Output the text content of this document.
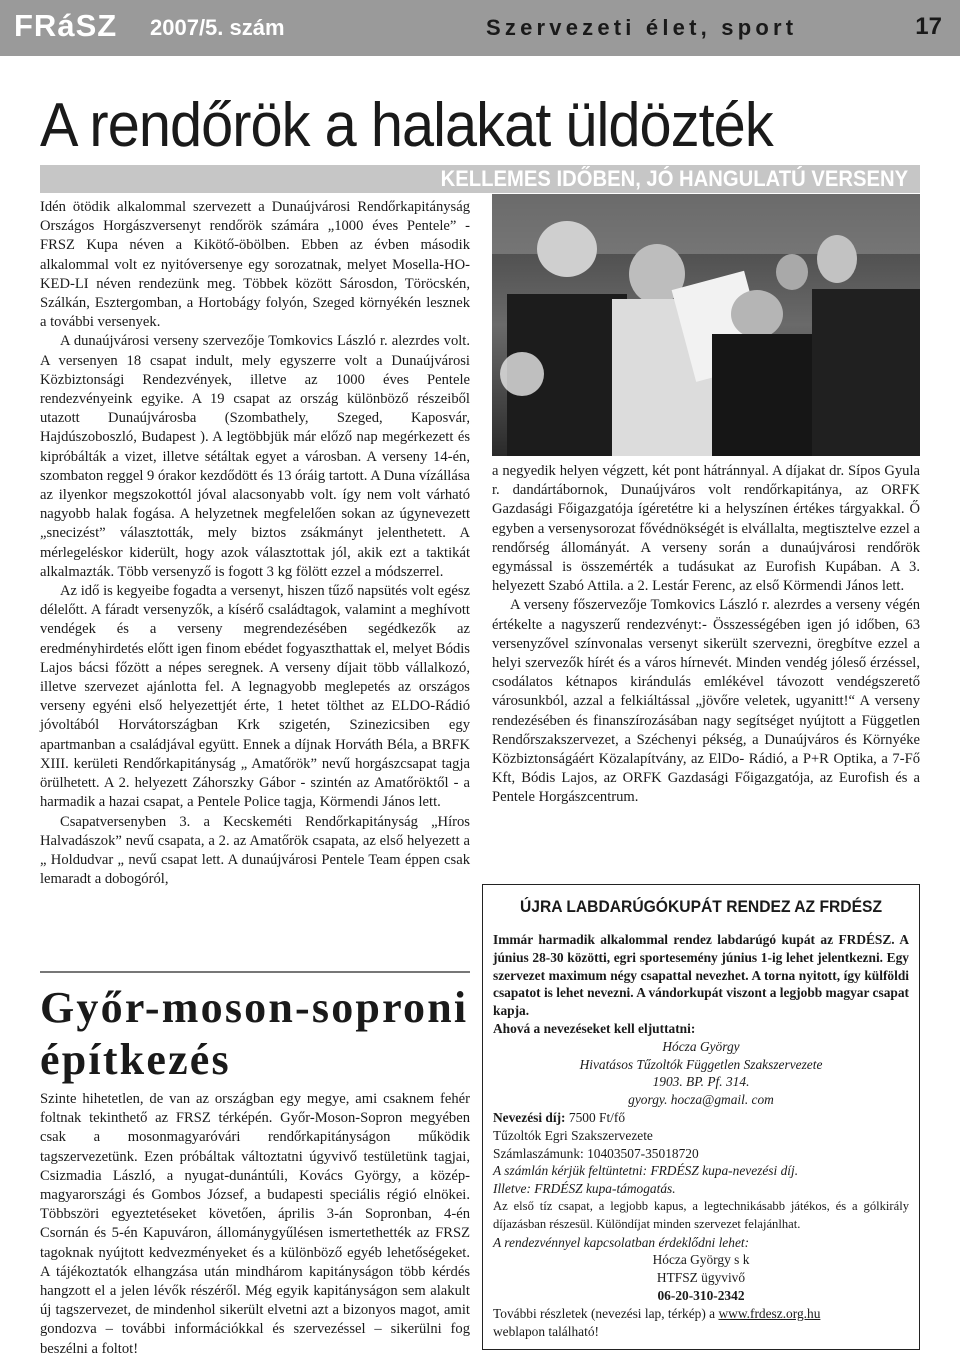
FRáSZ 2007/5. szám	Szervezeti élet, sport	17
A rendőrök a halakat üldözték
KELLEMES IDŐBEN, JÓ HANGULATÚ VERSENY

Idén ötödik alkalommal szervezett a Dunaújvárosi Rendőrkapitányság Országos Horgászversenyt rendőrök számára „1000 éves Pentele” - FRSZ Kupa néven a Kikötő-öbölben. Ebben az évben második alkalommal volt ez nyitóversenye egy sorozatnak, melyet Mosella-HO-KED-LI néven rendezünk meg. Többek között Sárosdon, Töröcskén, Szálkán, Esztergomban, a Hortobágy folyón, Szeged környékén lesznek a további versenyek.

A dunaújvárosi verseny szervezője Tomkovics László r. alezrdes volt. A versenyen 18 csapat indult, mely egyszerre volt a Dunaújvárosi Közbiztonsági Rendezvények, illetve az 1000 éves Pentele rendezvényeink egyike. A 19 csapat az ország különböző részeiből utazott Dunaújvárosba (Szombathely, Szeged, Kaposvár, Hajdúszoboszló, Budapest ). A legtöbbjük már előző nap megérkezett és kipróbálták a vizet, illetve sétáltak egyet a városban. A verseny 14-én, szombaton reggel 9 órakor kezdődött és 13 óráig tartott. A Duna vízállása az ilyenkor megszokottól jóval alacsonyabb volt. így nem volt várható nagyobb halak fogása. A helyzetnek megfelelően sokan az úgynevezett „snecizést” választották, mely biztos zsákmányt jelenthetett. A mérlegeléskor kiderült, hogy azok választottak jól, akik ezt a taktikát alkalmazták. Több versenyző is fogott 3 kg fölött ezzel a módszerrel.

Az idő is kegyeibe fogadta a versenyt, hiszen tűző napsütés volt egész délelőtt. A fáradt versenyzők, a kísérő családtagok, valamint a meghívott vendégek és a verseny megrendezésében segédkezők az eredményhirdetés előtt igen finom ebédet fogyaszthattak el, melyet Bódis Lajos bácsi főzött a népes seregnek. A verseny díjait több vállalkozó, illetve szervezet ajánlotta fel. A legnagyobb meglepetés az országos verseny egyéni első helyezettjét érte, 1 hetet tölthet az ELDO-Rádió jóvoltából Horvátországban Krk szigetén, Szinezicsiben egy apartmanban a családjával együtt. Ennek a díjnak Horváth Béla, a BRFK XIII. kerületi Rendőrkapitányság „ Amatőrök” nevű horgászcsapat tagja örülhetett. A 2. helyezett Záhorszky Gábor - szintén az Amatőröktől - a harmadik a hazai csapat, a Pentele Police tagja, Körmendi János lett.

Csapatversenyben 3. a Kecskeméti Rendőrkapitányság „Híros Halvadászok” nevű csapata, a 2. az Amatőrök csapata, az első helyezett a „ Holdudvar „ nevű csapat lett. A dunaújvárosi Pentele Team éppen csak lemaradt a dobogóról,

Győr-moson-soproni építkezés

Szinte hihetetlen, de van az országban egy megye, ami csaknem fehér foltnak tekinthető az FRSZ térképén. Győr-Moson-Sopron megyében csak a mosonmagyaróvári rendőrkapitányságon működik tagszervezetünk. Ezen próbáltak változtatni úgyvivő testületünk tagjai, Csizmadia László, a nyugat-dunántúli, Kovács György, a közép-magyarországi és Gombos József, a budapesti speciális régió elnökei. Többszöri egyeztetéseket követően, április 3-án Sopronban, 4-én Csornán és 5-én Kapuváron, állománygyűlésen ismertethették az FRSZ tagoknak nyújtott kedvezményeket és a különböző egyéb lehetőségeket. A tájékoztatók elhangzása után mindhárom kapitányságon több kérdés hangzott el a jelen lévők részéről. Még egyik kapitányságon sem alakult új tagszervezet, de mindenhol sikerült elvetni azt a bizonyos magot, amit gondozva – további információkkal és szervezéssel – sikerülni fog beszélni a foltot!

a negyedik helyen végzett, két pont hátránnyal. A díjakat dr. Sípos Gyula r. dandártábornok, Dunaújváros volt rendőrkapitánya, az ORFK Gazdasági Főigazgatója ígéretétre ki a helyszínen értékes tárgyakkal. Ő egyben a versenysorozat fővédnökségét is elvállalta, megtisztelve ezzel a rendőrség állományát. A verseny során a dunaújvárosi rendőrök egymással is összemérték a tudásukat az Eurofish Kupában. A 3. helyezett Szabó Attila. a 2. Lestár Ferenc, az első Körmendi János lett.

A verseny főszervezője Tomkovics László r. alezrdes a verseny végén értékelte a nagyszerű rendezvényt:- Összességében igen jó időben, 63 versenyzővel színvonalas versenyt sikerült szervezni, öregbítve ezzel a helyi szervezők hírét és a város hírnevét. Minden vendég jóleső érzéssel, csodálatos kétnapos kirándulás emlékével távozott vendégszerető városunkból, azzal a felkiáltással „jövőre veletek, ugyanitt!“ A verseny rendezésében és finanszírozásában nagy segítséget nyújtott a Független Rendőrszakszervezet, a Széchenyi pékség, a Dunaújváros és Környéke Közbiztonságáért Közalapítvány, az ElDo- Rádió, a P+R Optika, a 7-Fő Kft, Bódis Lajos, az ORFK Gazdasági Főigazgatója, az Eurofish és a Pentele Horgászcentrum.

ÚJRA LABDARÚGÓKUPÁT RENDEZ AZ FRDÉSZ

Immár harmadik alkalommal rendez labdarúgó kupát az FRDÉSZ. A június 28-30 közötti, egri sportesemény június 1-ig lehet jelentkezni. Egy szervezet maximum négy csapattal nevezhet. A torna nyitott, így külföldi csapatot is lehet nevezni. A vándorkupát viszont a legjobb magyar csapat kapja.

Ahová a nevezéseket kell eljuttatni:

Hócza György

Hivatásos Tűzoltók Független Szakszervezete

1903. BP. Pf. 314.

gyorgy. hocza@gmail. com

Nevezési díj: 7500 Ft/fő

Tűzoltók Egri Szakszervezete

Számlaszámunk: 10403507-35018720

A számlán kérjük feltüntetni: FRDÉSZ kupa-nevezési díj.

Illetve: FRDÉSZ kupa-támogatás.

Az első tíz csapat, a legjobb kapus, a legtechnikásabb játékos, és a gólkirály díjazásban részesül. Különdíjat minden szervezet felajánlhat.

A rendezvénnyel kapcsolatban érdeklődni lehet:

Hócza György s k

HTFSZ ügyvivő

06-20-310-2342

További részletek (nevezési lap, térkép) a www.frdesz.org.hu

weblapon található!
